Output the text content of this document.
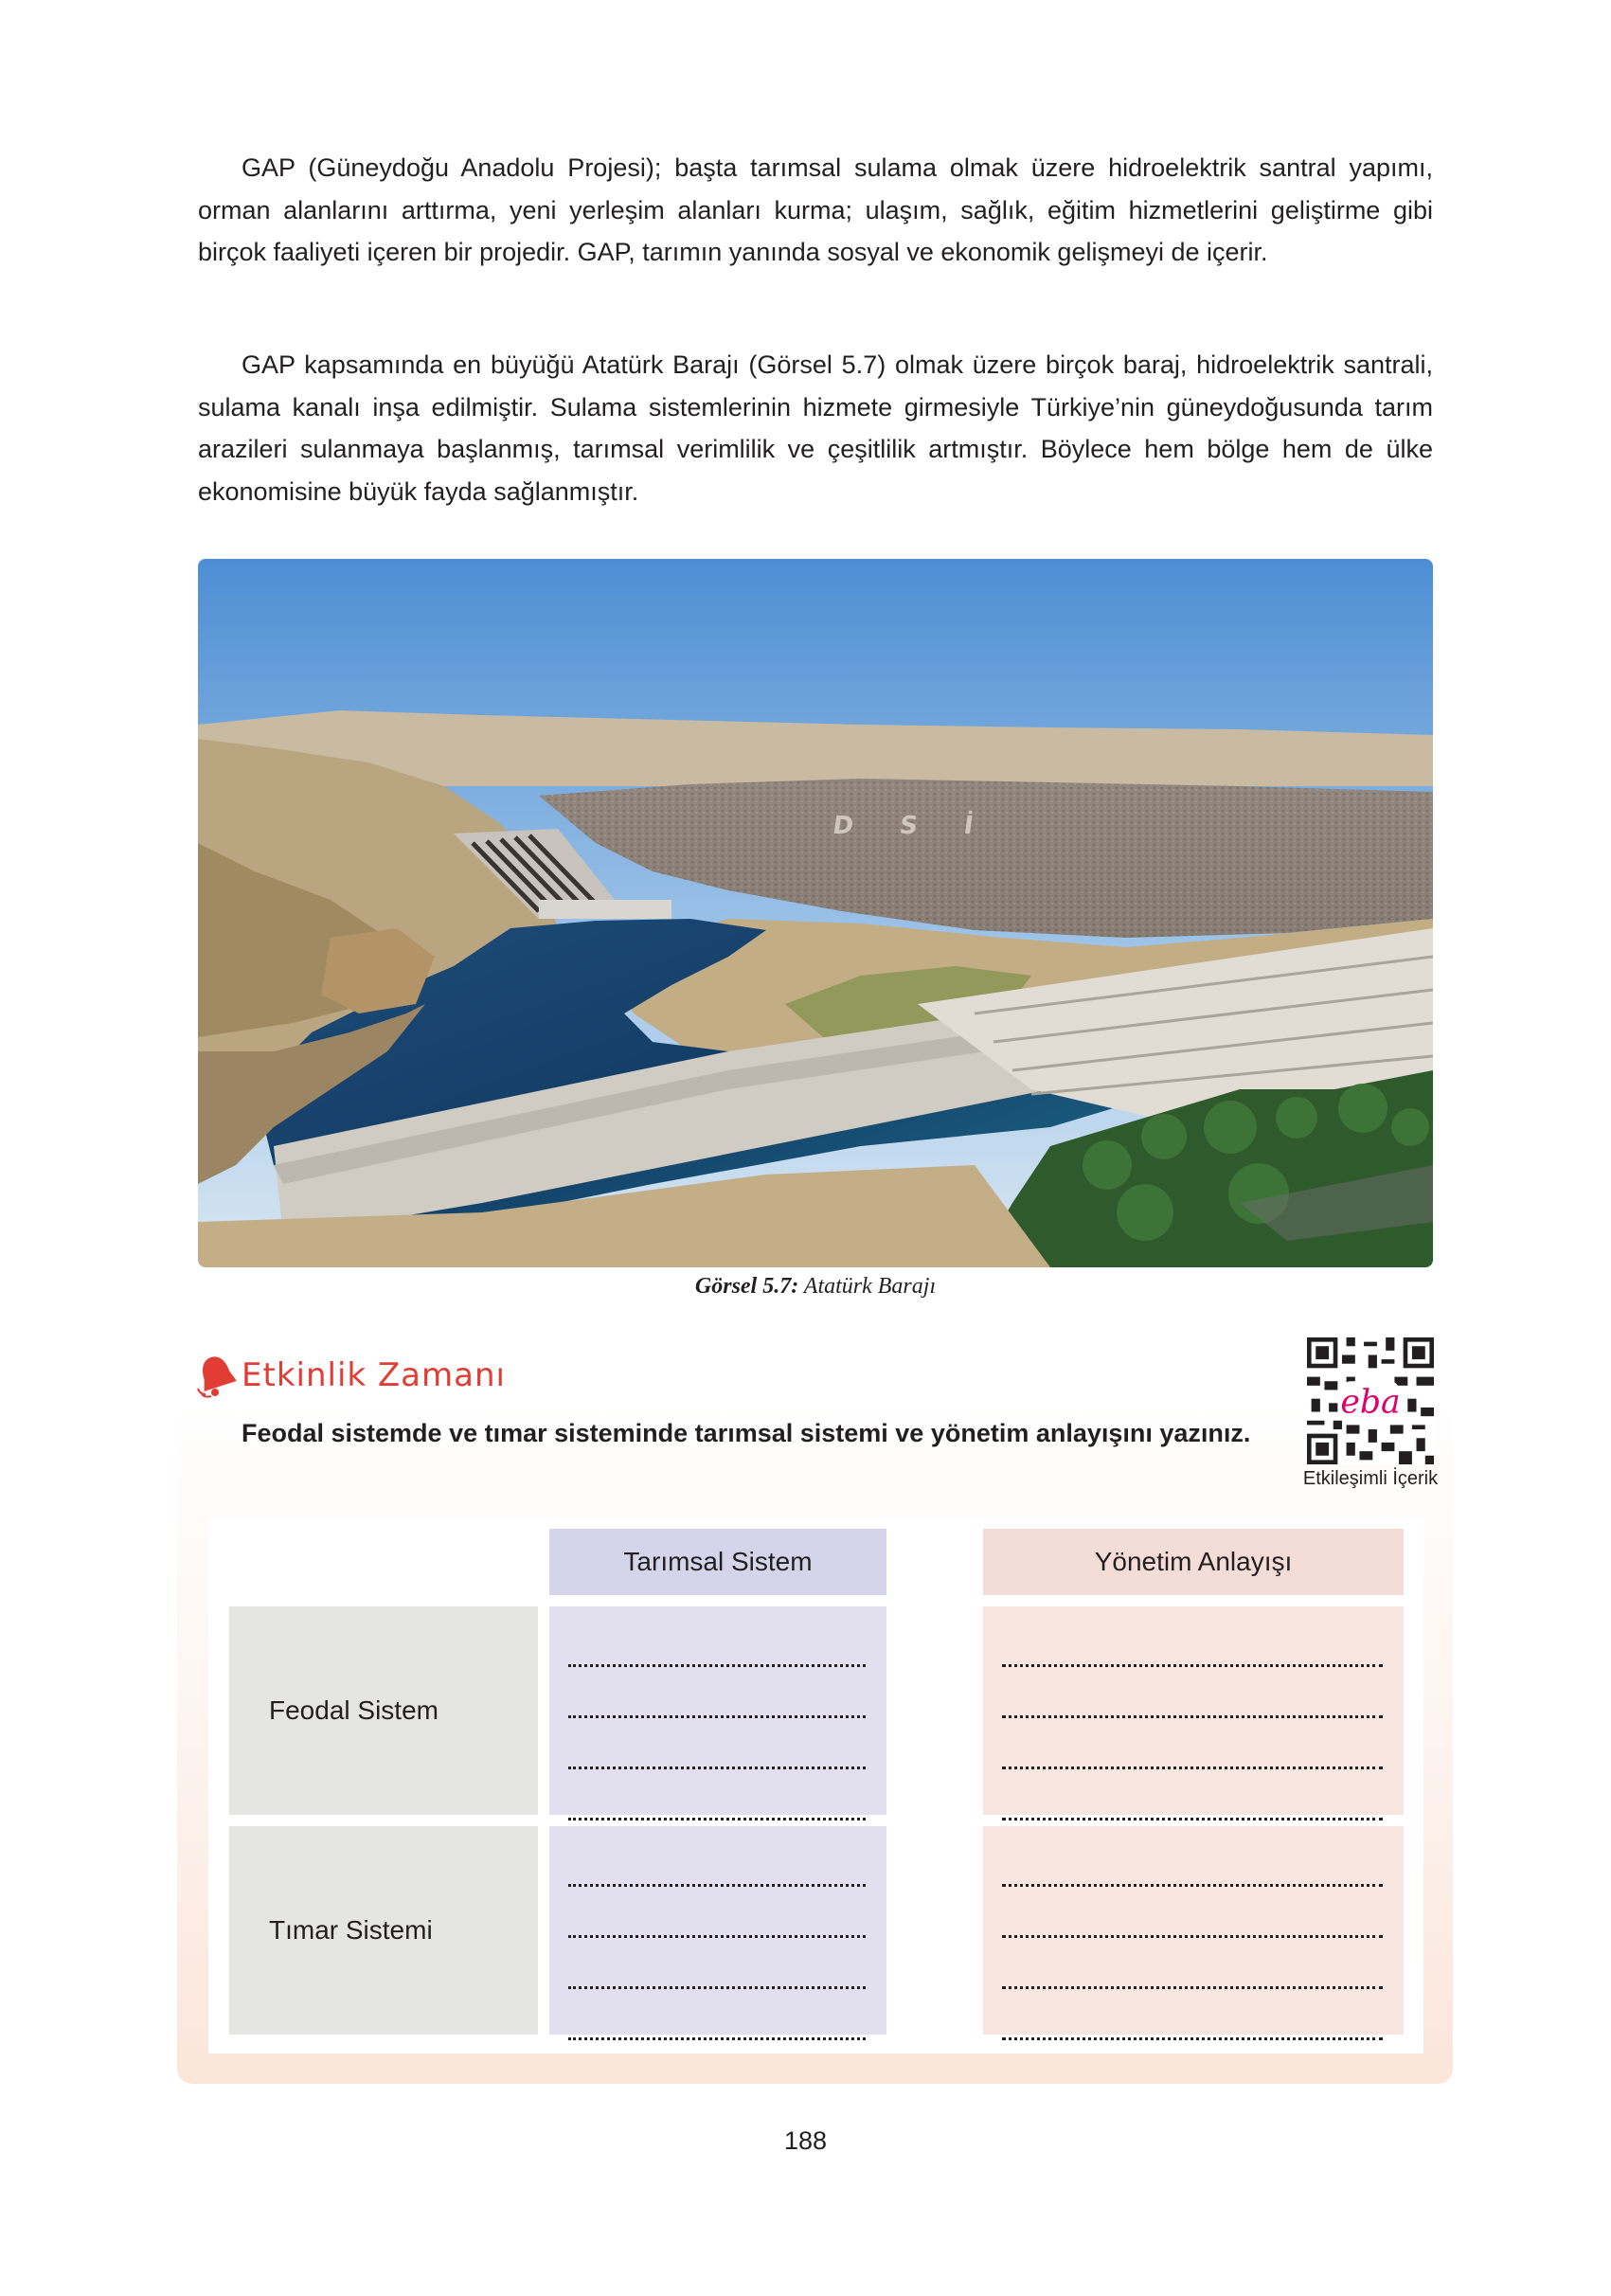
GAP (Güneydoğu Anadolu Projesi); başta tarımsal sulama olmak üzere hidroelektrik santral yapımı, orman alanlarını arttırma, yeni yerleşim alanları kurma; ulaşım, sağlık, eğitim hizmetlerini geliştirme gibi birçok faaliyeti içeren bir projedir. GAP, tarımın yanında sosyal ve ekonomik gelişmeyi de içerir.

GAP kapsamında en büyüğü Atatürk Barajı (Görsel 5.7) olmak üzere birçok baraj, hidroelektrik santrali, sulama kanalı inşa edilmiştir. Sulama sistemlerinin hizmete girmesiyle Türkiye’nin güneydoğusunda tarım arazileri sulanmaya başlanmış, tarımsal verimlilik ve çeşitlilik artmıştır. Böylece hem bölge hem de ülke ekonomisine büyük fayda sağlanmıştır.

D S İ
Görsel 5.7: Atatürk Barajı
Etkinlik Zamanı

Feodal sistemde ve tımar sisteminde tarımsal sistemi ve yönetim anlayışını yazınız.

eba
Etkileşimli İçerik
Tarımsal Sistem	Yönetim Anlayışı
Feodal Sistem
Tımar Sistemi
188
